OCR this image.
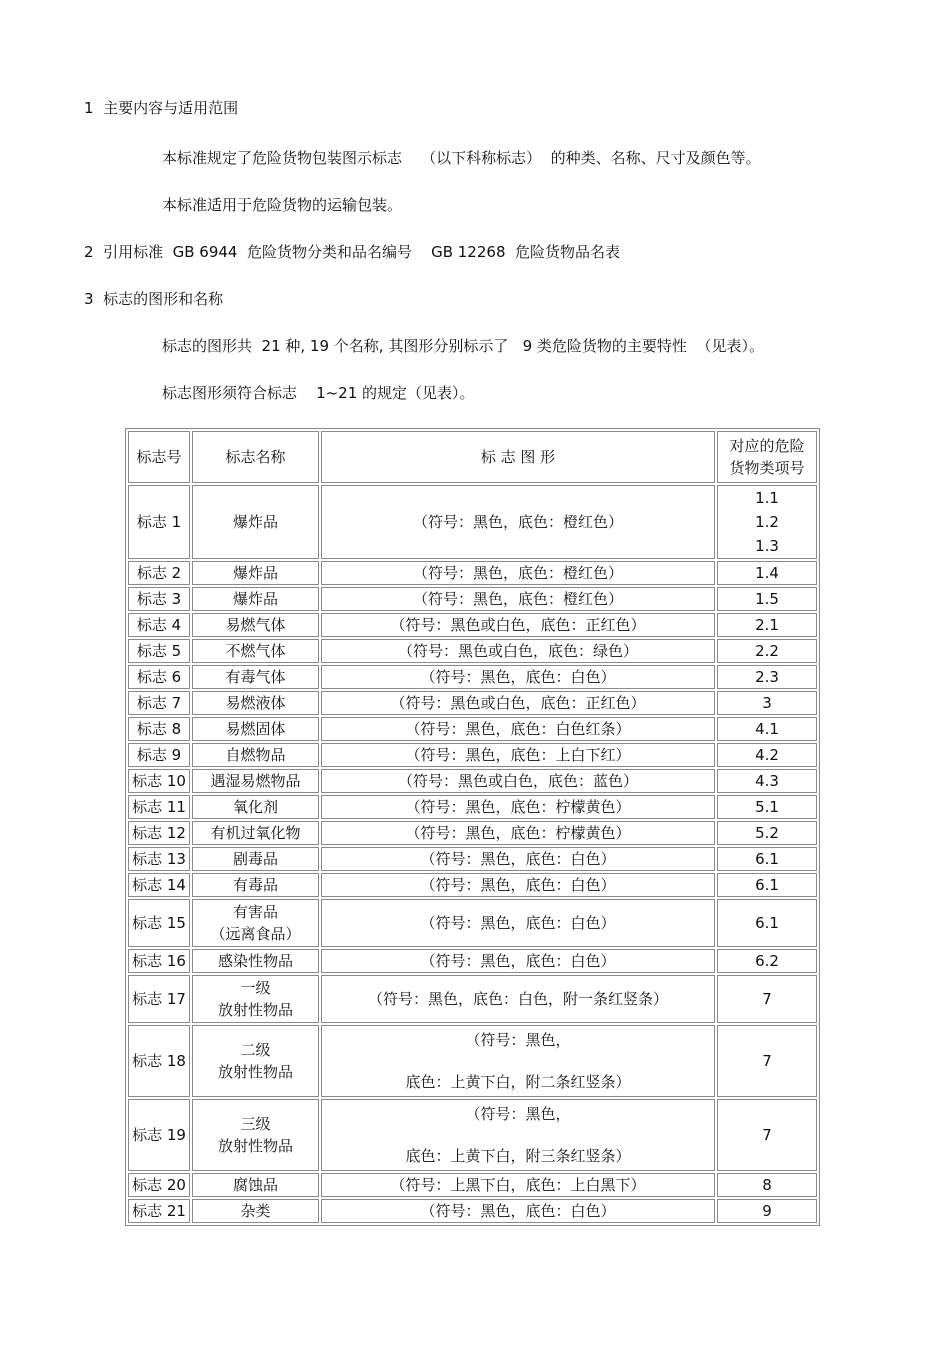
1  主要内容与适用范围
本标准规定了危险货物包装图示标志    （以下科称标志）  的种类、名称、尺寸及颜色等。
本标准适用于危险货物的运输包装。
2  引用标准  GB 6944  危险货物分类和品名编号    GB 12268  危险货物品名表
3  标志的图形和名称
标志的图形共  21 种, 19 个名称, 其图形分别标示了   9 类危险货物的主要特性  （见表）。
标志图形须符合标志    1~21 的规定（见表）。
标志号	标志名称	标 志 图 形	对应的危险
货物类项号

标志 1	爆炸品	（符号：黑色，底色：橙红色）	1.1
1.2
1.3

标志 2	爆炸品	（符号：黑色，底色：橙红色）	1.4

标志 3	爆炸品	（符号：黑色，底色：橙红色）	1.5

标志 4	易燃气体	（符号：黑色或白色，底色：正红色）	2.1

标志 5	不燃气体	（符号：黑色或白色，底色：绿色）	2.2

标志 6	有毒气体	（符号：黑色，底色：白色）	2.3

标志 7	易燃液体	（符号：黑色或白色，底色：正红色）	3

标志 8	易燃固体	（符号：黑色，底色：白色红条）	4.1

标志 9	自燃物品	（符号：黑色，底色：上白下红）	4.2

标志 10	遇湿易燃物品	（符号：黑色或白色，底色：蓝色）	4.3

标志 11	氧化剂	（符号：黑色，底色：柠檬黄色）	5.1

标志 12	有机过氧化物	（符号：黑色，底色：柠檬黄色）	5.2

标志 13	剧毒品	（符号：黑色，底色：白色）	6.1

标志 14	有毒品	（符号：黑色，底色：白色）	6.1

标志 15	有害品
（远离食品）	（符号：黑色，底色：白色）	6.1

标志 16	感染性物品	（符号：黑色，底色：白色）	6.2

标志 17	一级
放射性物品	（符号：黑色，底色：白色，附一条红竖条）	7

标志 18	二级
放射性物品	（符号：黑色，
底色：上黄下白，附二条红竖条）	7

标志 19	三级
放射性物品	（符号：黑色，
底色：上黄下白，附三条红竖条）	7

标志 20	腐蚀品	（符号：上黑下白，底色：上白黑下）	8

标志 21	杂类	（符号：黑色，底色：白色）	9
